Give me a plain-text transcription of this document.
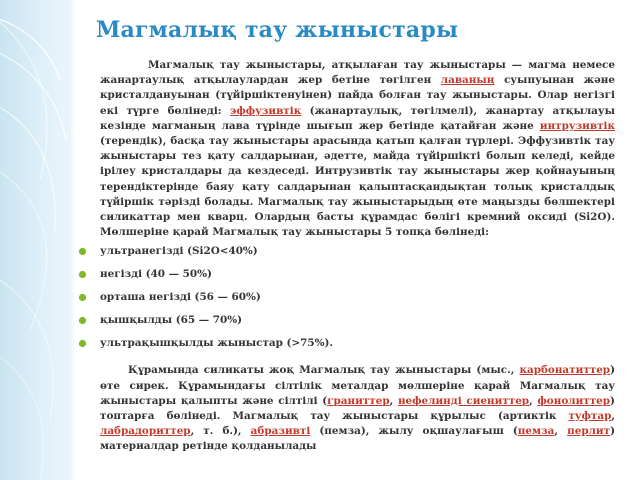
Магмалық тау жыныстары

Магмалық тау жыныстары, атқылаған тау жыныстары — магма немесе жанартаулық атқылаулардан жер бетіне төгілген лаваның суыпуынан және кристалдануынан (түйіршіктенуінен) пайда болған тау жыныстары. Олар негізгі екі түрге бөлінеді: эффузивтік (жанартаулық, төгілмелі), жанартау атқылауы кезінде магманың лава түрінде шығып жер бетінде қатайған және интрузивтік (терендік), басқа тау жыныстары арасында қатып қалған түрлері. Эффузивтік тау жыныстары тез қату салдарынан, әдетте, майда түйіршікті болып келеді, кейде ірілеу кристалдары да кездеседі. Интрузивтік тау жыныстары жер қойнауының терендіктерінде баяу қату салдарынан қалыптасқандықтан толық кристалдық түйіршік тәрізді болады. Магмалық тау жыныстарыдың өте маңызды бөлшектері силикаттар мен кварц. Олардың басты құрамдас бөлігі кремний оксиді (Si2O). Мөлшеріне қарай Магмалық тау жыныстары 5 топқа бөлінеді:

ультранегізді (Si2O<40%)
негізді (40 — 50%)
орташа негізді (56 — 60%)
қышқылды (65 — 70%)
ультрақышқылды жыныстар (>75%).

Құрамында силикаты жоқ Магмалық тау жыныстары (мыс., карбонатиттер) өте сирек. Құрамындағы сілтілік металдар мөлшеріне қарай Магмалық тау жыныстары қалыпты және сілтілі (граниттер, нефелинді сиениттер, фонолиттер) топтарға бөлінеді. Магмалық тау жыныстары құрылыс (артиктік туфтар, лабрадориттер, т. б.), абразивті (пемза), жылу оқшаулағыш (пемза, перлит) материалдар ретінде қолданылады
